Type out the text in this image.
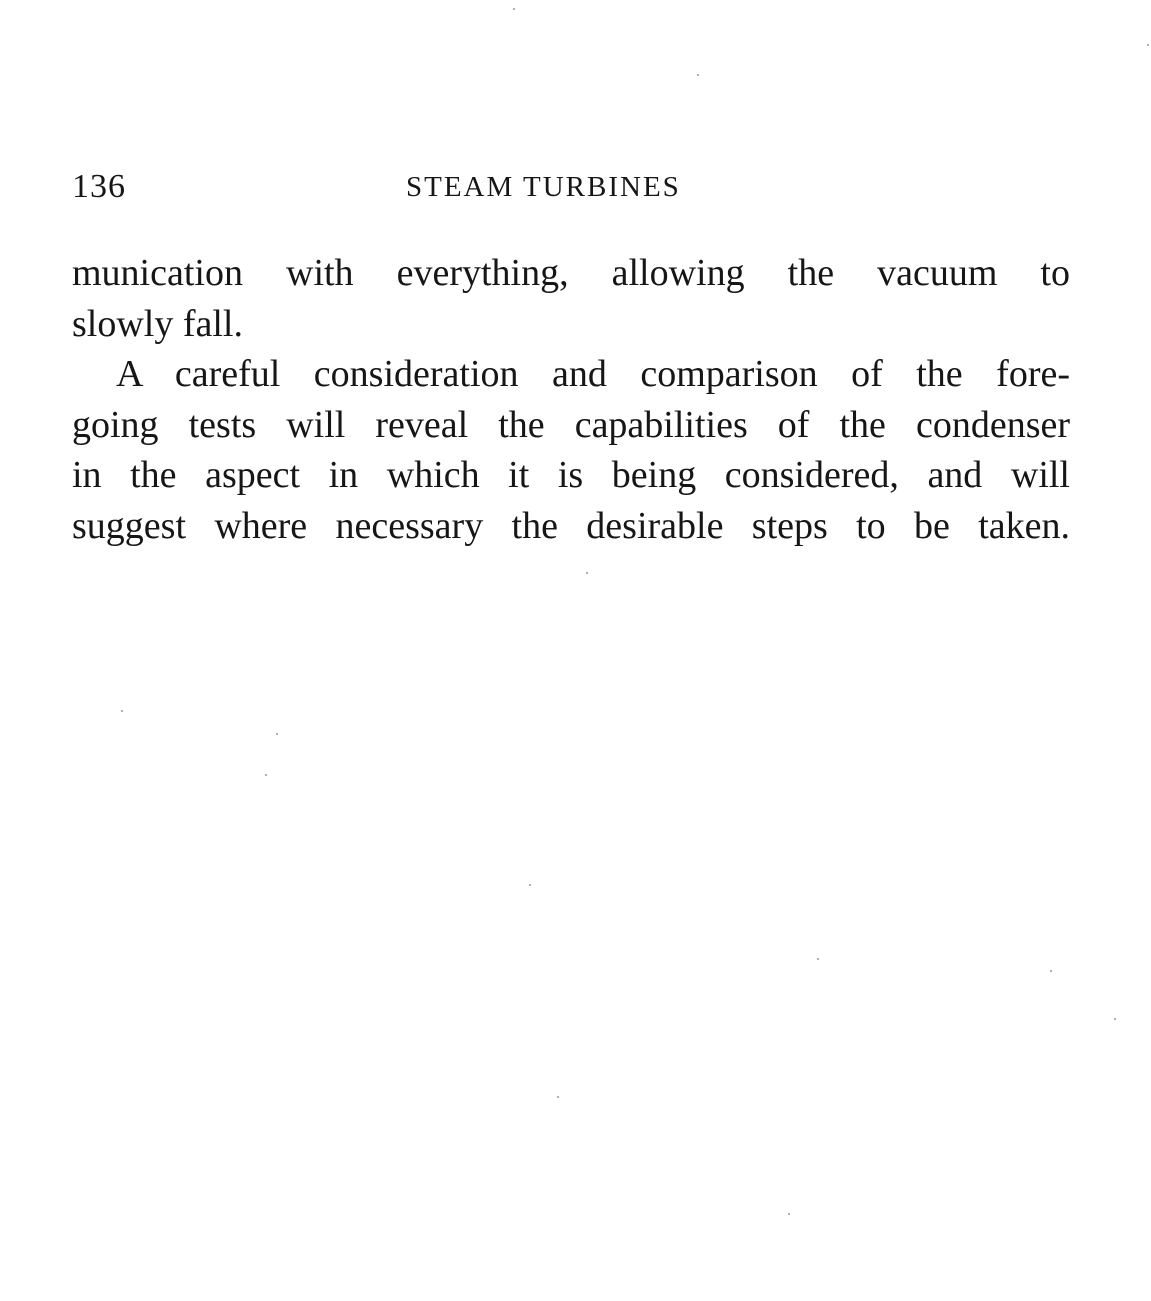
136	STEAM TURBINES
munication with everything, allowing the vacuum to
slowly fall.
A careful consideration and comparison of the fore-
going tests will reveal the capabilities of the condenser
in the aspect in which it is being considered, and will
suggest where necessary the desirable steps to be taken.
